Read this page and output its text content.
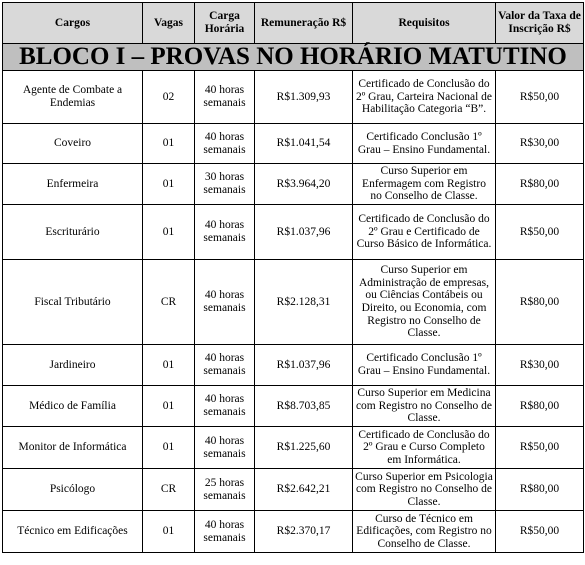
Cargos	Vagas	Carga Horária	Remuneração R$	Requisitos	Valor da Taxa de Inscrição R$
BLOCO I – PROVAS NO HORÁRIO MATUTINO					
Agente de Combate a Endemias	02	40 horas semanais	R$1.309,93	Certificado de Conclusão do 2º Grau, Carteira Nacional de Habilitação Categoria “B”.	R$50,00
Coveiro	01	40 horas semanais	R$1.041,54	Certificado Conclusão 1º Grau – Ensino Fundamental.	R$30,00
Enfermeira	01	30 horas semanais	R$3.964,20	Curso Superior em Enfermagem com Registro no Conselho de Classe.	R$80,00
Escriturário	01	40 horas semanais	R$1.037,96	Certificado de Conclusão do 2º Grau e Certificado de Curso Básico de Informática.	R$50,00
Fiscal Tributário	CR	40 horas semanais	R$2.128,31	Curso Superior em Administração de empresas, ou Ciências Contábeis ou Direito, ou Economia, com Registro no Conselho de Classe.	R$80,00
Jardineiro	01	40 horas semanais	R$1.037,96	Certificado Conclusão 1º Grau – Ensino Fundamental.	R$30,00
Médico de Família	01	40 horas semanais	R$8.703,85	Curso Superior em Medicina com Registro no Conselho de Classe.	R$80,00
Monitor de Informática	01	40 horas semanais	R$1.225,60	Certificado de Conclusão do 2º Grau e Curso Completo em Informática.	R$50,00
Psicólogo	CR	25 horas semanais	R$2.642,21	Curso Superior em Psicologia com Registro no Conselho de Classe.	R$80,00
Técnico em Edificações	01	40 horas semanais	R$2.370,17	Curso de Técnico em Edificações, com Registro no Conselho de Classe.	R$50,00
